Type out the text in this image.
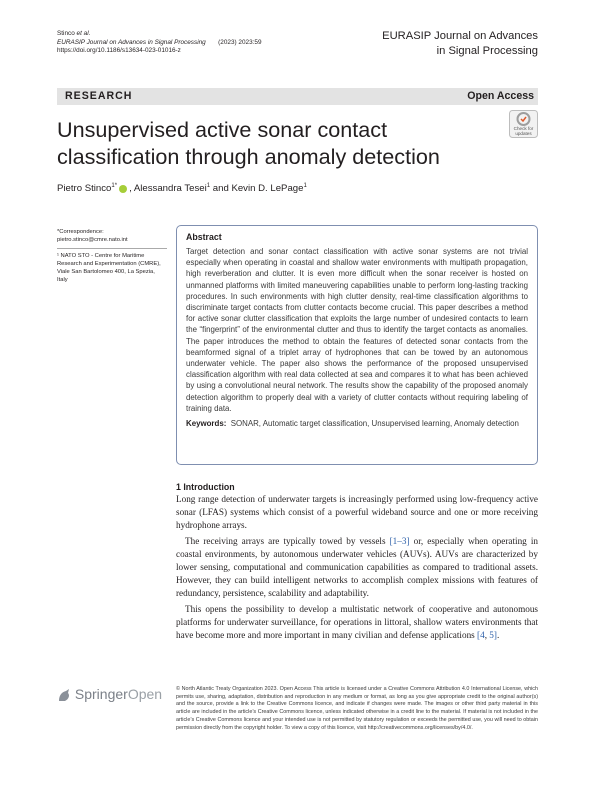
Stinco et al.
EURASIP Journal on Advances in Signal Processing (2023) 2023:59
https://doi.org/10.1186/s13634-023-01016-z
EURASIP Journal on Advances
in Signal Processing
RESEARCH	Open Access
Unsupervised active sonar contact classification through anomaly detection
Check for
updates
Pietro Stinco$^{1*}$ , Alessandra Tesei$^1$ and Kevin D. LePage$^1$
*Correspondence:
pietro.stinco@cmre.nato.int
¹ NATO STO - Centre for Maritime Research and Experimentation (CMRE), Viale San Bartolomeo 400, La Spezia, Italy
Abstract

Target detection and sonar contact classification with active sonar systems are not trivial especially when operating in coastal and shallow water environments with multipath propagation, high reverberation and clutter. It is even more difficult when the sonar receiver is hosted on unmanned platforms with limited maneuvering capabilities unable to perform long-lasting tracking procedures. In such environments with high clutter density, real-time classification algorithms to discriminate target contacts from clutter contacts become crucial. This paper describes a method for active sonar clutter classification that exploits the large number of undesired contacts to learn the “fingerprint” of the environmental clutter and thus to identify the target contacts as anomalies. The paper introduces the method to obtain the features of detected sonar contacts from the beamformed signal of a triplet array of hydrophones that can be towed by an autonomous underwater vehicle. The paper also shows the performance of the proposed unsupervised classification algorithm with real data collected at sea and compares it to what has been achieved by using a convolutional neural network. The results show the capability of the proposed anomaly detection algorithm to properly deal with a variety of clutter contacts without requiring labeling of training data.

Keywords: SONAR, Automatic target classification, Unsupervised learning, Anomaly detection
1 Introduction

Long range detection of underwater targets is increasingly performed using low-frequency active sonar (LFAS) systems which consist of a powerful wideband source and one or more receiving hydrophone arrays.

The receiving arrays are typically towed by vessels [1–3] or, especially when operating in coastal environments, by autonomous underwater vehicles (AUVs). AUVs are characterized by lower sensing, computational and communication capabilities as compared to traditional assets. However, they can build intelligent networks to accomplish complex missions with features of redundancy, persistence, scalability and adaptability.

This opens the possibility to develop a multistatic network of cooperative and autonomous platforms for underwater surveillance, for operations in littoral, shallow waters environments that have become more and more important in many civilian and defense applications [4, 5].

SpringerOpen	© North Atlantic Treaty Organization 2023. Open Access This article is licensed under a Creative Commons Attribution 4.0 International License, which permits use, sharing, adaptation, distribution and reproduction in any medium or format, as long as you give appropriate credit to the original author(s) and the source, provide a link to the Creative Commons licence, and indicate if changes were made. The images or other third party material in this article are included in the article’s Creative Commons licence, unless indicated otherwise in a credit line to the material. If material is not included in the article’s Creative Commons licence and your intended use is not permitted by statutory regulation or exceeds the permitted use, you will need to obtain permission directly from the copyright holder. To view a copy of this licence, visit http://creativecommons.org/licenses/by/4.0/.
